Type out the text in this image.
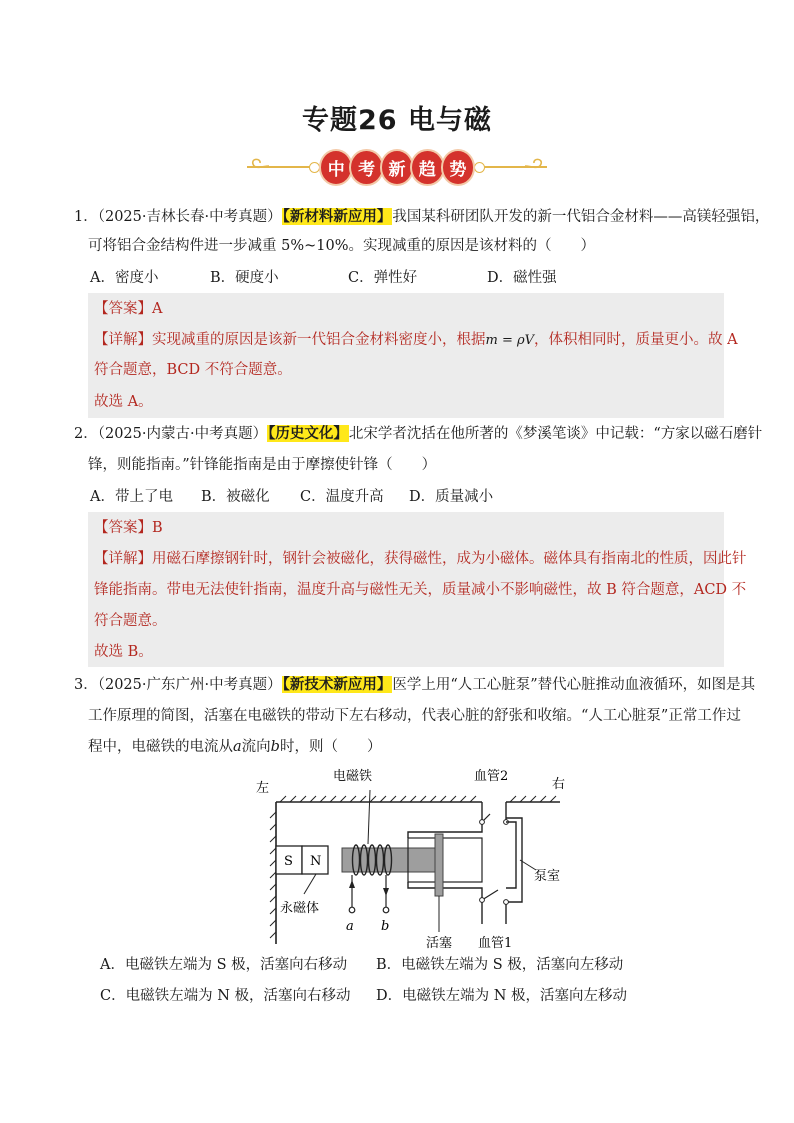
专题26 电与磁
中 考 新 趋 势
1．（2025·吉林长春·中考真题）【新材料新应用】我国某科研团队开发的新一代铝合金材料——高镁轻强铝，
可将铝合金结构件进一步减重 5%~10%。实现减重的原因是该材料的（　　）
A．密度小	B．硬度小	C．弹性好	D．磁性强
【答案】A
【详解】实现减重的原因是该新一代铝合金材料密度小，根据m = ρV，体积相同时，质量更小。故 A
符合题意，BCD 不符合题意。
故选 A。
2．（2025·内蒙古·中考真题）【历史文化】北宋学者沈括在他所著的《梦溪笔谈》中记载：“方家以磁石磨针
锋，则能指南。”针锋能指南是由于摩擦使针锋（　　）
A．带上了电 B．被磁化 C．温度升高 D．质量减小
【答案】B
【详解】用磁石摩擦钢针时，钢针会被磁化，获得磁性，成为小磁体。磁体具有指南北的性质，因此针
锋能指南。带电无法使针指南，温度升高与磁性无关，质量减小不影响磁性，故 B 符合题意，ACD 不
符合题意。
故选 B。
3．（2025·广东广州·中考真题）【新技术新应用】医学上用“人工心脏泵”替代心脏推动血液循环，如图是其
工作原理的简图，活塞在电磁铁的带动下左右移动，代表心脏的舒张和收缩。“人工心脏泵”正常工作过
程中，电磁铁的电流从a流向b时，则（　　）
左	右
S N
永磁体
电磁铁
a b
活塞
血管2
泵室
血管1
A．电磁铁左端为 S 极，活塞向右移动 B．电磁铁左端为 S 极，活塞向左移动
C．电磁铁左端为 N 极，活塞向右移动 D．电磁铁左端为 N 极，活塞向左移动
